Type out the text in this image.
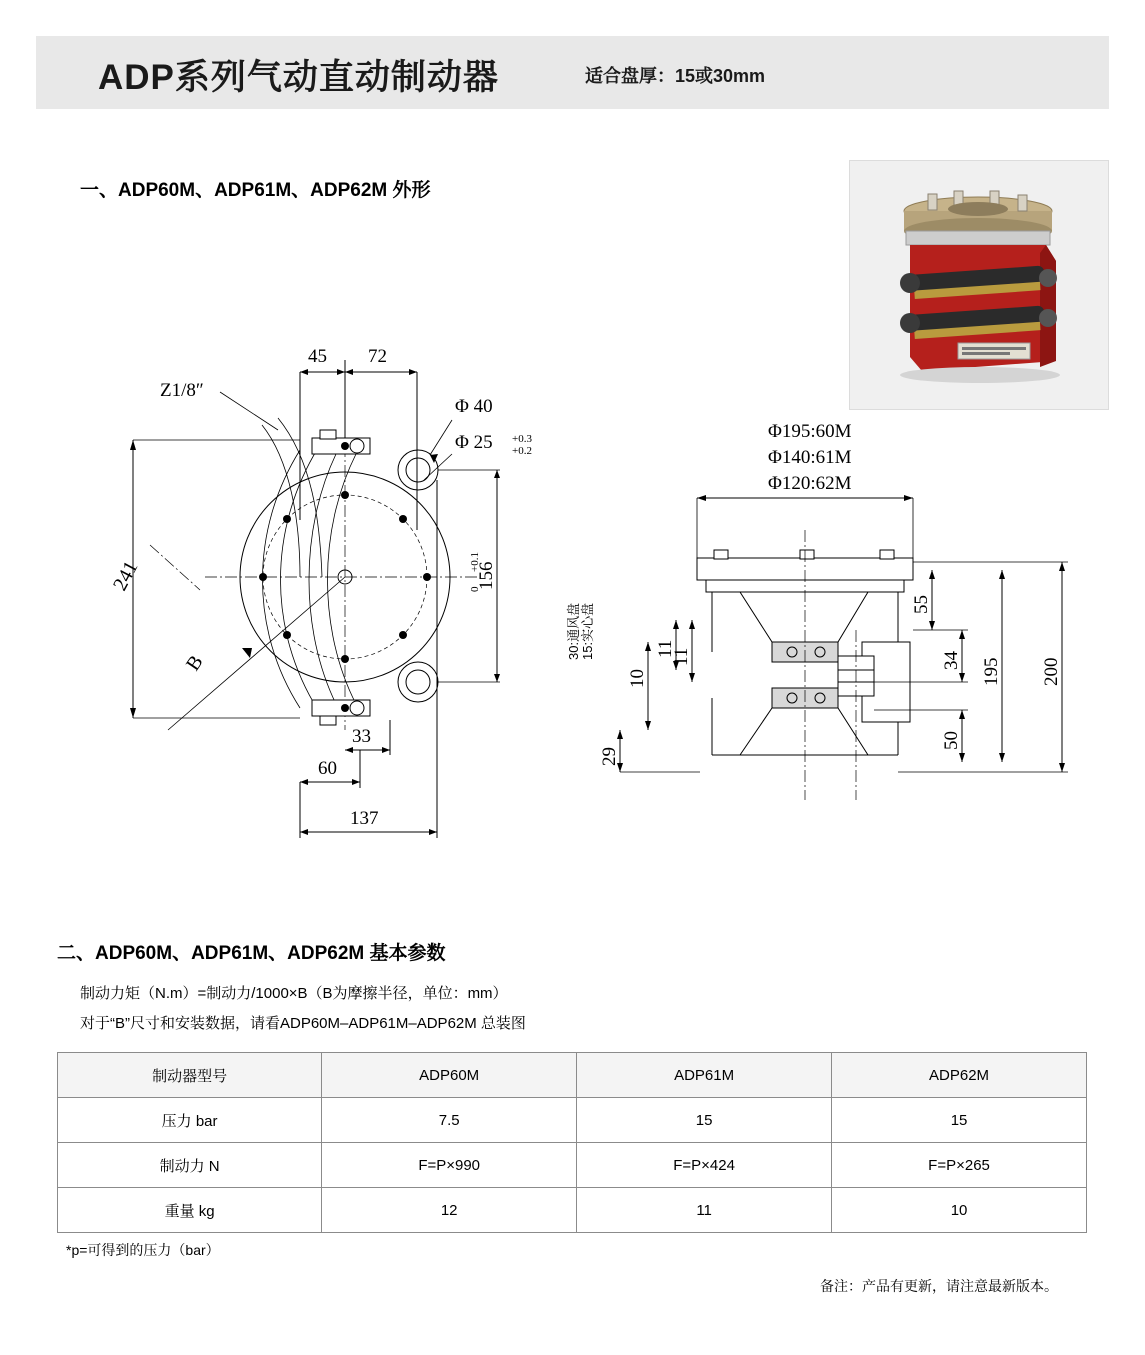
ADP系列气动直动制动器	适合盘厚：15或30mm
一、ADP60M、ADP61M、ADP62M 外形
45 72
Z1/8″
Φ 40
Φ 25 +0.3
+0.2
156
+0.1
0
241
B
33
60
137
Φ195:60M
Φ140:61M
Φ120:62M
30:通风盘 15:实心盘
10
11
11
29
55
34
50
195 200
二、ADP60M、ADP61M、ADP62M 基本参数
制动力矩（N.m）=制动力/1000×B（B为摩擦半径，单位：mm）
对于“B”尺寸和安装数据，请看ADP60M–ADP61M–ADP62M 总装图
制动器型号	ADP60M	ADP61M	ADP62M
压力 bar	7.5	15	15
制动力 N	F=P×990	F=P×424	F=P×265
重量 kg	12	11	10
*p=可得到的压力（bar）
备注：产品有更新，请注意最新版本。
